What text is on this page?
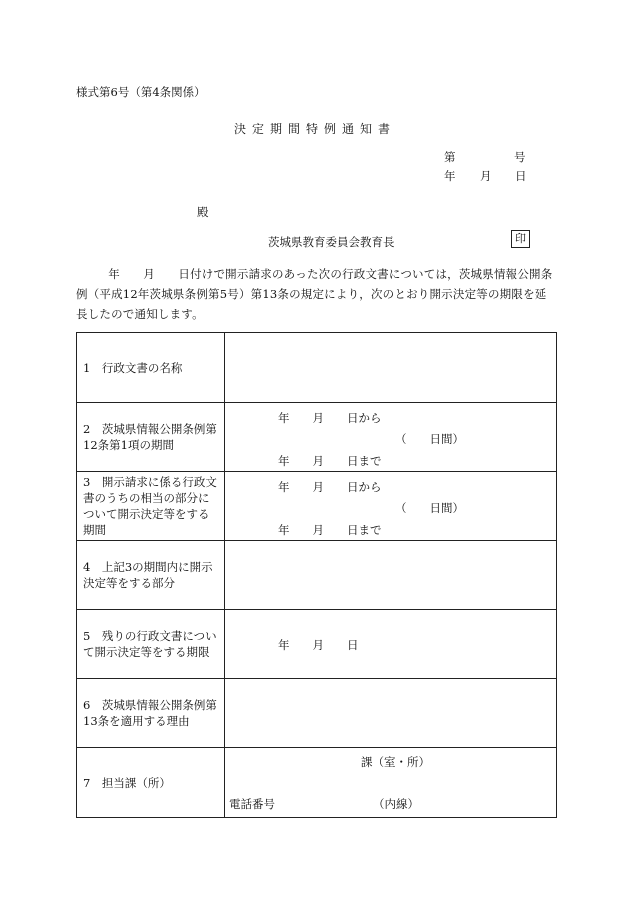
様式第6号（第4条関係）
決定期間特例通知書
第	号
年 月 日
殿
茨城県教育委員会教育長	印
年　　月　　日付けで開示請求のあった次の行政文書については，茨城県情報公開条例（平成12年茨城県条例第5号）第13条の規定により，次のとおり開示決定等の期限を延長したので通知します。
1　行政文書の名称	

2　茨城県情報公開条例第12条第1項の期間	年　　月　　日から
（　　日間）
年　　月　　日まで

3　開示請求に係る行政文書のうちの相当の部分について開示決定等をする期間	年　　月　　日から
（　　日間）
年　　月　　日まで

4　上記3の期間内に開示決定等をする部分	

5　残りの行政文書について開示決定等をする期限	年　　月　　日

6　茨城県情報公開条例第13条を適用する理由	

7　担当課（所）	課（室・所）
電話番号 （内線）
